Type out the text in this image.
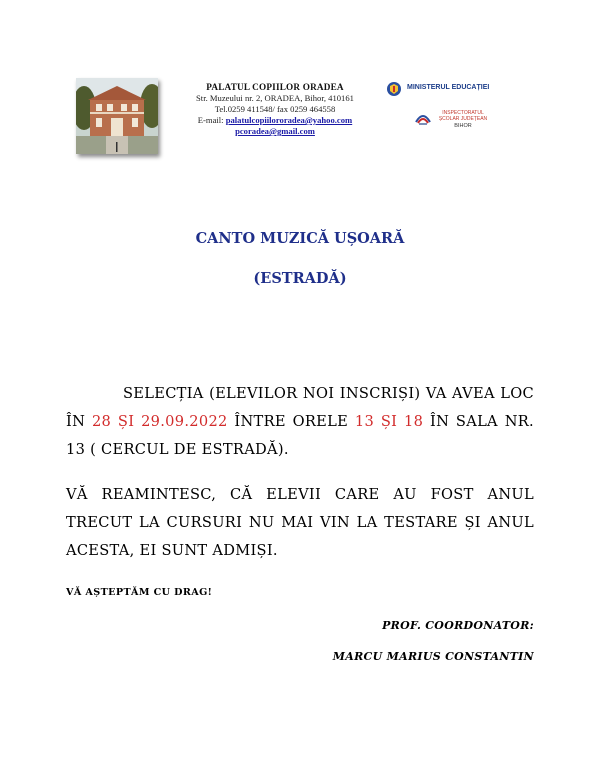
PALATUL COPIILOR ORADEA
Str. Muzeului nr. 2, ORADEA, Bihor, 410161
Tel.0259 411548/ fax 0259 464558
E-mail: palatulcopiilororadea@yahoo.com
pcoradea@gmail.com
MINISTERUL EDUCAȚIEI
INSPECTORATUL ȘCOLAR JUDEȚEAN
BIHOR
CANTO MUZICĂ UȘOARĂ
(ESTRADĂ)
SELECȚIA (ELEVILOR NOI INSCRIȘI) VA AVEA LOC ÎN 28 ȘI 29.09.2022 ÎNTRE ORELE 13 ȘI 18 ÎN SALA NR. 13 ( CERCUL DE ESTRADĂ).
VĂ REAMINTESC, CĂ ELEVII CARE AU FOST ANUL TRECUT LA CURSURI NU MAI VIN LA TESTARE ȘI ANUL ACESTA, EI SUNT ADMIȘI.
VĂ AȘTEPTĂM CU DRAG!
PROF. COORDONATOR:
MARCU MARIUS CONSTANTIN
